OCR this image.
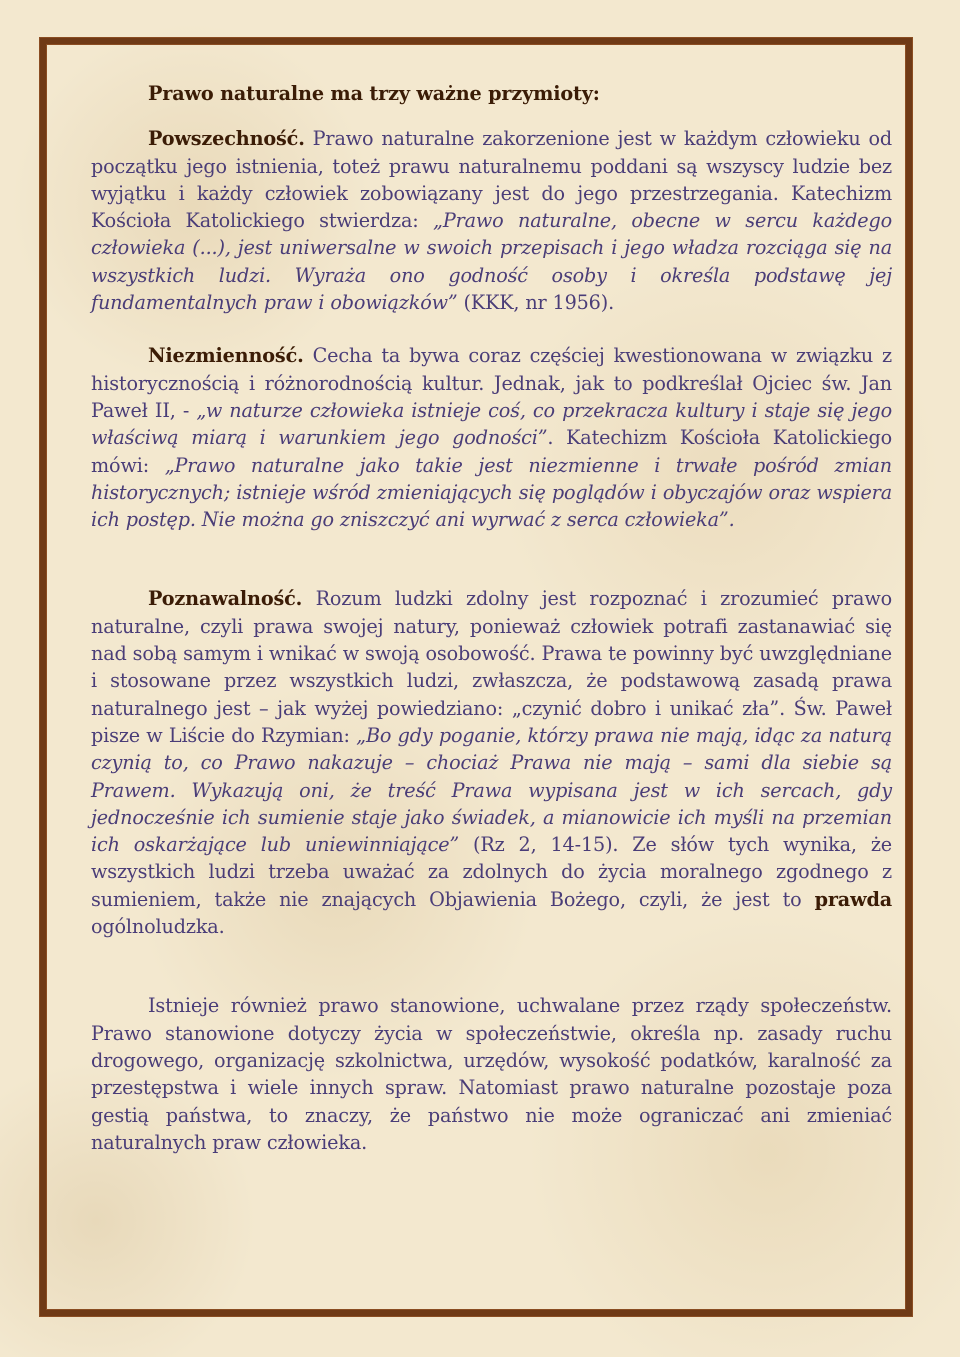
Prawo naturalne ma trzy ważne przymioty:

Powszechność. Prawo naturalne zakorzenione jest w każdym człowieku od początku jego istnienia, toteż prawu naturalnemu poddani są wszyscy ludzie bez wyjątku i każdy człowiek zobowiązany jest do jego przestrzegania. Katechizm Kościoła Katolickiego stwierdza: „Prawo naturalne, obecne w sercu każdego człowieka (...), jest uniwersalne w swoich przepisach i jego władza rozciąga się na wszystkich ludzi. Wyraża ono godność osoby i określa podstawę jej fundamentalnych praw i obowiązków” (KKK, nr 1956).

Niezmienność. Cecha ta bywa coraz częściej kwestionowana w związku z historycznością i różnorodnością kultur. Jednak, jak to podkreślał Ojciec św. Jan Paweł II, - „w naturze człowieka istnieje coś, co przekracza kultury i staje się jego właściwą miarą i warunkiem jego godności”. Katechizm Kościoła Katolickiego mówi: „Prawo naturalne jako takie jest niezmienne i trwałe pośród zmian historycznych; istnieje wśród zmieniających się poglądów i obyczajów oraz wspiera ich postęp. Nie można go zniszczyć ani wyrwać z serca człowieka”.

Poznawalność. Rozum ludzki zdolny jest rozpoznać i zrozumieć prawo naturalne, czyli prawa swojej natury, ponieważ człowiek potrafi zastanawiać się nad sobą samym i wnikać w swoją osobowość. Prawa te powinny być uwzględniane i stosowane przez wszystkich ludzi, zwłaszcza, że podstawową zasadą prawa naturalnego jest – jak wyżej powiedziano: „czynić dobro i unikać zła”. Św. Paweł pisze w Liście do Rzymian: „Bo gdy poganie, którzy prawa nie mają, idąc za naturą czynią to, co Prawo nakazuje – chociaż Prawa nie mają – sami dla siebie są Prawem. Wykazują oni, że treść Prawa wypisana jest w ich sercach, gdy jednocześnie ich sumienie staje jako świadek, a mianowicie ich myśli na przemian ich oskarżające lub uniewinniające” (Rz 2, 14-15). Ze słów tych wynika, że wszystkich ludzi trzeba uważać za zdolnych do życia moralnego zgodnego z sumieniem, także nie znających Objawienia Bożego, czyli, że jest to prawda ogólnoludzka.

Istnieje również prawo stanowione, uchwalane przez rządy społeczeństw. Prawo stanowione dotyczy życia w społeczeństwie, określa np. zasady ruchu drogowego, organizację szkolnictwa, urzędów, wysokość podatków, karalność za przestępstwa i wiele innych spraw. Natomiast prawo naturalne pozostaje poza gestią państwa, to znaczy, że państwo nie może ograniczać ani zmieniać naturalnych praw człowieka.
